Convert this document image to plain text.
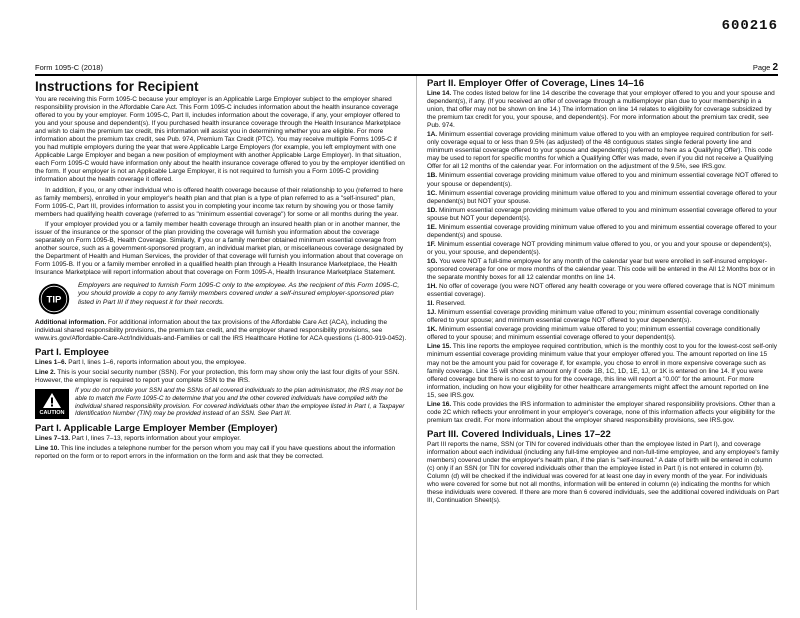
600216
Form 1095-C (2018)	Page 2
Instructions for Recipient

You are receiving this Form 1095-C because your employer is an Applicable Large Employer subject to the employer shared responsibility provision in the Affordable Care Act. This Form 1095-C includes information about the health insurance coverage offered to you by your employer. Form 1095-C, Part II, includes information about the coverage, if any, your employer offered to you and your spouse and dependent(s). If you purchased health insurance coverage through the Health Insurance Marketplace and wish to claim the premium tax credit, this information will assist you in determining whether you are eligible. For more information about the premium tax credit, see Pub. 974, Premium Tax Credit (PTC). You may receive multiple Forms 1095-C if you had multiple employers during the year that were Applicable Large Employers (for example, you left employment with one Applicable Large Employer and began a new position of employment with another Applicable Large Employer). In that situation, each Form 1095-C would have information only about the health insurance coverage offered to you by the employer identified on the form. If your employer is not an Applicable Large Employer, it is not required to furnish you a Form 1095-C providing information about the health coverage it offered.

In addition, if you, or any other individual who is offered health coverage because of their relationship to you (referred to here as family members), enrolled in your employer's health plan and that plan is a type of plan referred to as a "self-insured" plan, Form 1095-C, Part III, provides information to assist you in completing your income tax return by showing you or those family members had qualifying health coverage (referred to as "minimum essential coverage") for some or all months during the year.

If your employer provided you or a family member health coverage through an insured health plan or in another manner, the issuer of the insurance or the sponsor of the plan providing the coverage will furnish you information about the coverage separately on Form 1095-B, Health Coverage. Similarly, if you or a family member obtained minimum essential coverage from another source, such as a government-sponsored program, an individual market plan, or miscellaneous coverage designated by the Department of Health and Human Services, the provider of that coverage will furnish you information about that coverage on Form 1095-B. If you or a family member enrolled in a qualified health plan through a Health Insurance Marketplace, the Health Insurance Marketplace will report information about that coverage on Form 1095-A, Health Insurance Marketplace Statement.

TIP
Employers are required to furnish Form 1095-C only to the employee. As the recipient of this Form 1095-C, you should provide a copy to any family members covered under a self-insured employer-sponsored plan listed in Part III if they request it for their records.

Additional information. For additional information about the tax provisions of the Affordable Care Act (ACA), including the individual shared responsibility provisions, the premium tax credit, and the employer shared responsibility provisions, see www.irs.gov/Affordable-Care-Act/Individuals-and-Families or call the IRS Healthcare Hotline for ACA questions (1-800-919-0452).

Part I. Employee

Lines 1–6. Part I, lines 1–6, reports information about you, the employee.

Line 2. This is your social security number (SSN). For your protection, this form may show only the last four digits of your SSN. However, the employer is required to report your complete SSN to the IRS.

CAUTION
If you do not provide your SSN and the SSNs of all covered individuals to the plan administrator, the IRS may not be able to match the Form 1095-C to determine that you and the other covered individuals have complied with the individual shared responsibility provision. For covered individuals other than the employee listed in Part I, a Taxpayer Identification Number (TIN) may be provided instead of an SSN. See Part III.
Part I. Applicable Large Employer Member (Employer)

Lines 7–13. Part I, lines 7–13, reports information about your employer.

Line 10. This line includes a telephone number for the person whom you may call if you have questions about the information reported on the form or to report errors in the information on the form and ask that they be corrected.

Part II. Employer Offer of Coverage, Lines 14–16

Line 14. The codes listed below for line 14 describe the coverage that your employer offered to you and your spouse and dependent(s), if any. (If you received an offer of coverage through a multiemployer plan due to your membership in a union, that offer may not be shown on line 14.) The information on line 14 relates to eligibility for coverage subsidized by the premium tax credit for you, your spouse, and dependent(s). For more information about the premium tax credit, see Pub. 974.

1A. Minimum essential coverage providing minimum value offered to you with an employee required contribution for self-only coverage equal to or less than 9.5% (as adjusted) of the 48 contiguous states single federal poverty line and minimum essential coverage offered to your spouse and dependent(s) (referred to here as a Qualifying Offer). This code may be used to report for specific months for which a Qualifying Offer was made, even if you did not receive a Qualifying Offer for all 12 months of the calendar year. For information on the adjustment of the 9.5%, see IRS.gov.

1B. Minimum essential coverage providing minimum value offered to you and minimum essential coverage NOT offered to your spouse or dependent(s).

1C. Minimum essential coverage providing minimum value offered to you and minimum essential coverage offered to your dependent(s) but NOT your spouse.

1D. Minimum essential coverage providing minimum value offered to you and minimum essential coverage offered to your spouse but NOT your dependent(s).

1E. Minimum essential coverage providing minimum value offered to you and minimum essential coverage offered to your dependent(s) and spouse.

1F. Minimum essential coverage NOT providing minimum value offered to you, or you and your spouse or dependent(s), or you, your spouse, and dependent(s).

1G. You were NOT a full-time employee for any month of the calendar year but were enrolled in self-insured employer-sponsored coverage for one or more months of the calendar year. This code will be entered in the All 12 Months box or in the separate monthly boxes for all 12 calendar months on line 14.

1H. No offer of coverage (you were NOT offered any health coverage or you were offered coverage that is NOT minimum essential coverage).

1I. Reserved.

1J. Minimum essential coverage providing minimum value offered to you; minimum essential coverage conditionally offered to your spouse; and minimum essential coverage NOT offered to your dependent(s).

1K. Minimum essential coverage providing minimum value offered to you; minimum essential coverage conditionally offered to your spouse; and minimum essential coverage offered to your dependent(s).

Line 15. This line reports the employee required contribution, which is the monthly cost to you for the lowest-cost self-only minimum essential coverage providing minimum value that your employer offered you. The amount reported on line 15 may not be the amount you paid for coverage if, for example, you chose to enroll in more expensive coverage such as family coverage. Line 15 will show an amount only if code 1B, 1C, 1D, 1E, 1J, or 1K is entered on line 14. If you were offered coverage but there is no cost to you for the coverage, this line will report a "0.00" for the amount. For more information, including on how your eligibility for other healthcare arrangements might affect the amount reported on line 15, see IRS.gov.

Line 16. This code provides the IRS information to administer the employer shared responsibility provisions. Other than a code 2C which reflects your enrollment in your employer's coverage, none of this information affects your eligibility for the premium tax credit. For more information about the employer shared responsibility provisions, see IRS.gov.

Part III. Covered Individuals, Lines 17–22

Part III reports the name, SSN (or TIN for covered individuals other than the employee listed in Part I), and coverage information about each individual (including any full-time employee and non-full-time employee, and any employee's family members) covered under the employer's health plan, if the plan is "self-insured." A date of birth will be entered in column (c) only if an SSN (or TIN for covered individuals other than the employee listed in Part I) is not entered in column (b). Column (d) will be checked if the individual was covered for at least one day in every month of the year. For individuals who were covered for some but not all months, information will be entered in column (e) indicating the months for which these individuals were covered. If there are more than 6 covered individuals, see the additional covered individuals on Part III, Continuation Sheet(s).
